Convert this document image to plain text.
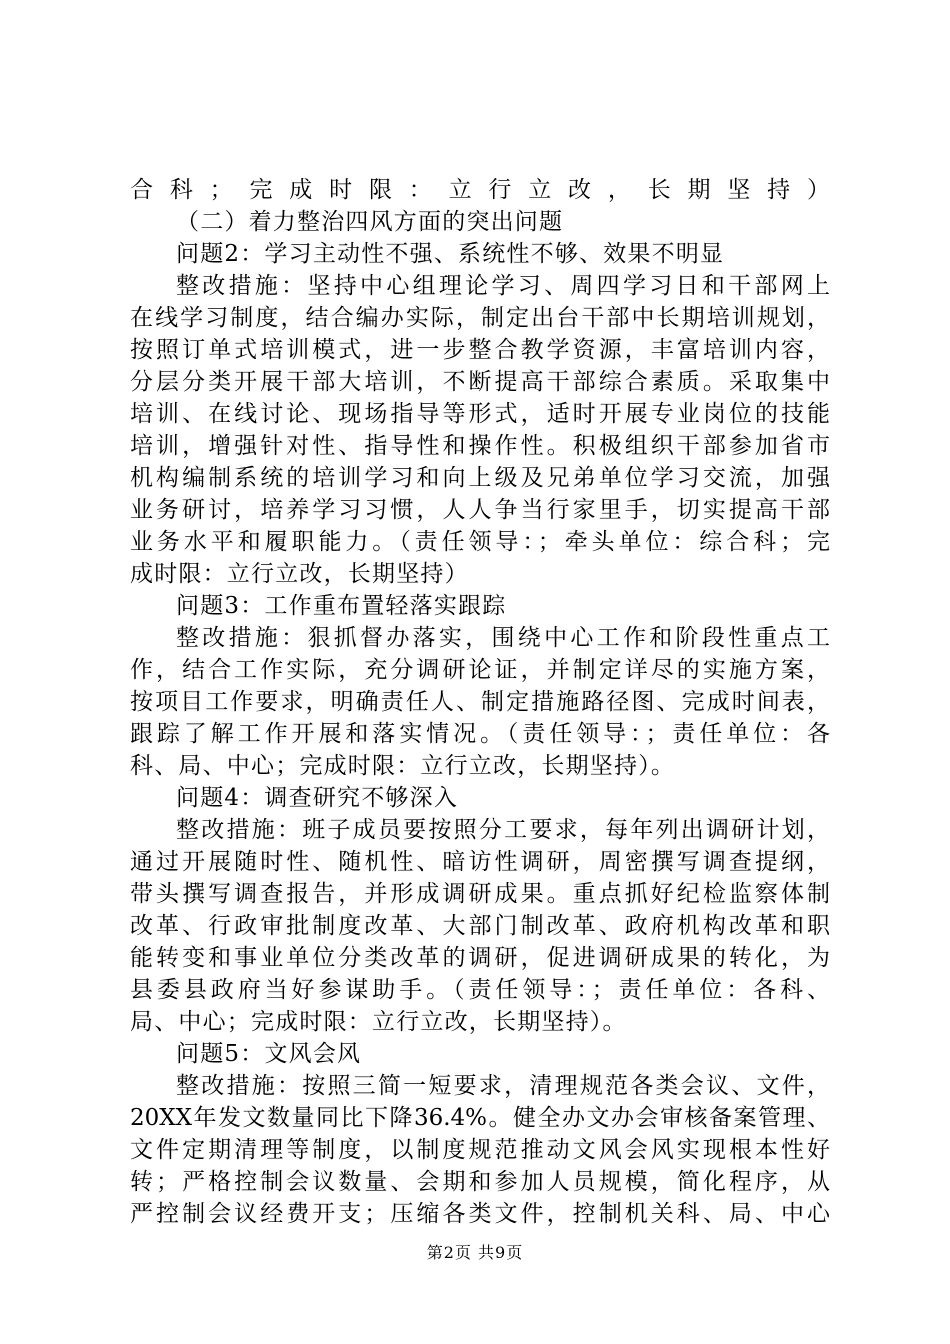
合科；完成时限：立行立改，长期坚持）
（二）着力整治四风方面的突出问题
问题2：学习主动性不强、系统性不够、效果不明显
整改措施：坚持中心组理论学习、周四学习日和干部网上
在线学习制度，结合编办实际，制定出台干部中长期培训规划，
按照订单式培训模式，进一步整合教学资源，丰富培训内容，
分层分类开展干部大培训，不断提高干部综合素质。采取集中
培训、在线讨论、现场指导等形式，适时开展专业岗位的技能
培训，增强针对性、指导性和操作性。积极组织干部参加省市
机构编制系统的培训学习和向上级及兄弟单位学习交流，加强
业务研讨，培养学习习惯，人人争当行家里手，切实提高干部
业务水平和履职能力。（责任领导：；牵头单位：综合科；完
成时限：立行立改，长期坚持）
问题3：工作重布置轻落实跟踪
整改措施：狠抓督办落实，围绕中心工作和阶段性重点工
作，结合工作实际，充分调研论证，并制定详尽的实施方案，
按项目工作要求，明确责任人、制定措施路径图、完成时间表，
跟踪了解工作开展和落实情况。（责任领导：；责任单位：各
科、局、中心；完成时限：立行立改，长期坚持）。
问题4：调查研究不够深入
整改措施：班子成员要按照分工要求，每年列出调研计划，
通过开展随时性、随机性、暗访性调研，周密撰写调查提纲，
带头撰写调查报告，并形成调研成果。重点抓好纪检监察体制
改革、行政审批制度改革、大部门制改革、政府机构改革和职
能转变和事业单位分类改革的调研，促进调研成果的转化，为
县委县政府当好参谋助手。（责任领导：；责任单位：各科、
局、中心；完成时限：立行立改，长期坚持）。
问题5：文风会风
整改措施：按照三简一短要求，清理规范各类会议、文件，
20XX年发文数量同比下降36.4%。健全办文办会审核备案管理、
文件定期清理等制度，以制度规范推动文风会风实现根本性好
转；严格控制会议数量、会期和参加人员规模，简化程序，从
严控制会议经费开支；压缩各类文件，控制机关科、局、中心
第2页 共9页
